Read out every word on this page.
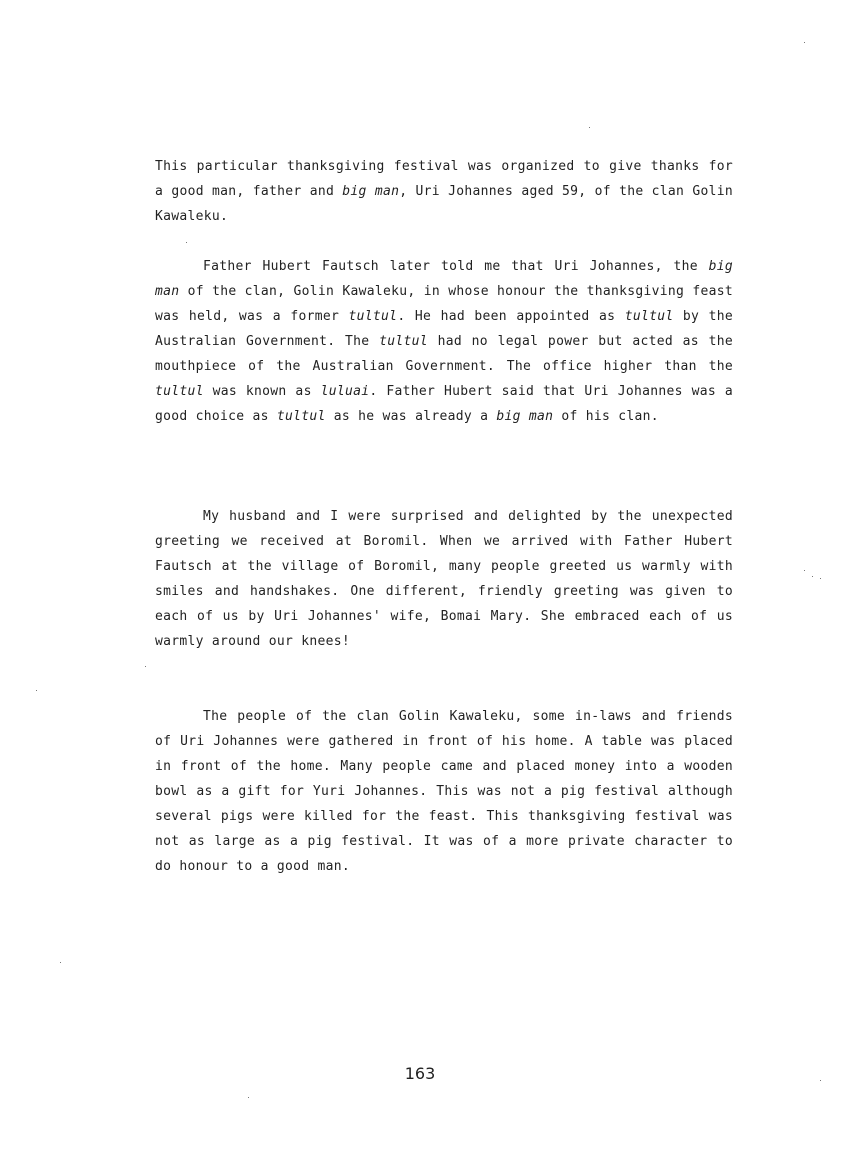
This particular thanksgiving festival was organized to give thanks for a good man, father and big man, Uri Johannes aged 59, of the clan Golin Kawaleku.

Father Hubert Fautsch later told me that Uri Johannes, the big man of the clan, Golin Kawaleku, in whose honour the thanksgiving feast was held, was a former tultul. He had been appointed as tultul by the Australian Government. The tultul had no legal power but acted as the mouthpiece of the Australian Government. The office higher than the tultul was known as luluai. Father Hubert said that Uri Johannes was a good choice as tultul as he was already a big man of his clan.

My husband and I were surprised and delighted by the unexpected greeting we received at Boromil. When we arrived with Father Hubert Fautsch at the village of Boromil, many people greeted us warmly with smiles and handshakes. One different, friendly greeting was given to each of us by Uri Johannes' wife, Bomai Mary. She embraced each of us warmly around our knees!

The people of the clan Golin Kawaleku, some in-laws and friends of Uri Johannes were gathered in front of his home. A table was placed in front of the home. Many people came and placed money into a wooden bowl as a gift for Yuri Johannes. This was not a pig festival although several pigs were killed for the feast. This thanksgiving festival was not as large as a pig festival. It was of a more private character to do honour to a good man.

163
